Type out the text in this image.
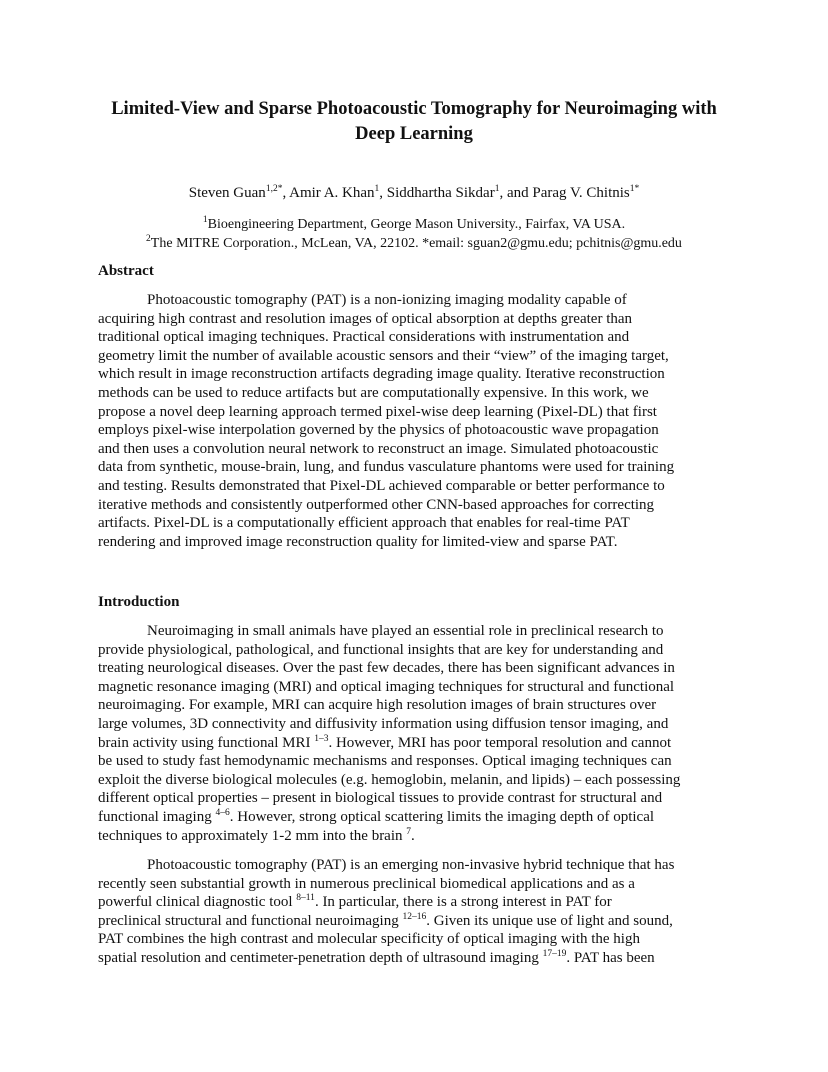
Limited-View and Sparse Photoacoustic Tomography for Neuroimaging with
Deep Learning
Steven Guan$^{1,2*}$, Amir A. Khan$^1$, Siddhartha Sikdar$^1$, and Parag V. Chitnis$^{1*}$
$^1$Bioengineering Department, George Mason University., Fairfax, VA USA.
$^2$The MITRE Corporation., McLean, VA, 22102. *email: sguan2@gmu.edu; pchitnis@gmu.edu
Abstract
Photoacoustic tomography (PAT) is a non-ionizing imaging modality capable of
acquiring high contrast and resolution images of optical absorption at depths greater than
traditional optical imaging techniques. Practical considerations with instrumentation and
geometry limit the number of available acoustic sensors and their “view” of the imaging target,
which result in image reconstruction artifacts degrading image quality. Iterative reconstruction
methods can be used to reduce artifacts but are computationally expensive. In this work, we
propose a novel deep learning approach termed pixel-wise deep learning (Pixel-DL) that first
employs pixel-wise interpolation governed by the physics of photoacoustic wave propagation
and then uses a convolution neural network to reconstruct an image. Simulated photoacoustic
data from synthetic, mouse-brain, lung, and fundus vasculature phantoms were used for training
and testing. Results demonstrated that Pixel-DL achieved comparable or better performance to
iterative methods and consistently outperformed other CNN-based approaches for correcting
artifacts. Pixel-DL is a computationally efficient approach that enables for real-time PAT
rendering and improved image reconstruction quality for limited-view and sparse PAT.
Introduction
Neuroimaging in small animals have played an essential role in preclinical research to
provide physiological, pathological, and functional insights that are key for understanding and
treating neurological diseases. Over the past few decades, there has been significant advances in
magnetic resonance imaging (MRI) and optical imaging techniques for structural and functional
neuroimaging. For example, MRI can acquire high resolution images of brain structures over
large volumes, 3D connectivity and diffusivity information using diffusion tensor imaging, and
brain activity using functional MRI $^{1-3}$. However, MRI has poor temporal resolution and cannot
be used to study fast hemodynamic mechanisms and responses. Optical imaging techniques can
exploit the diverse biological molecules (e.g. hemoglobin, melanin, and lipids) – each possessing
different optical properties – present in biological tissues to provide contrast for structural and
functional imaging $^{4-6}$. However, strong optical scattering limits the imaging depth of optical
techniques to approximately 1-2 mm into the brain $^7$.
Photoacoustic tomography (PAT) is an emerging non-invasive hybrid technique that has
recently seen substantial growth in numerous preclinical biomedical applications and as a
powerful clinical diagnostic tool $^{8-11}$. In particular, there is a strong interest in PAT for
preclinical structural and functional neuroimaging $^{12-16}$. Given its unique use of light and sound,
PAT combines the high contrast and molecular specificity of optical imaging with the high
spatial resolution and centimeter-penetration depth of ultrasound imaging $^{17-19}$. PAT has been
